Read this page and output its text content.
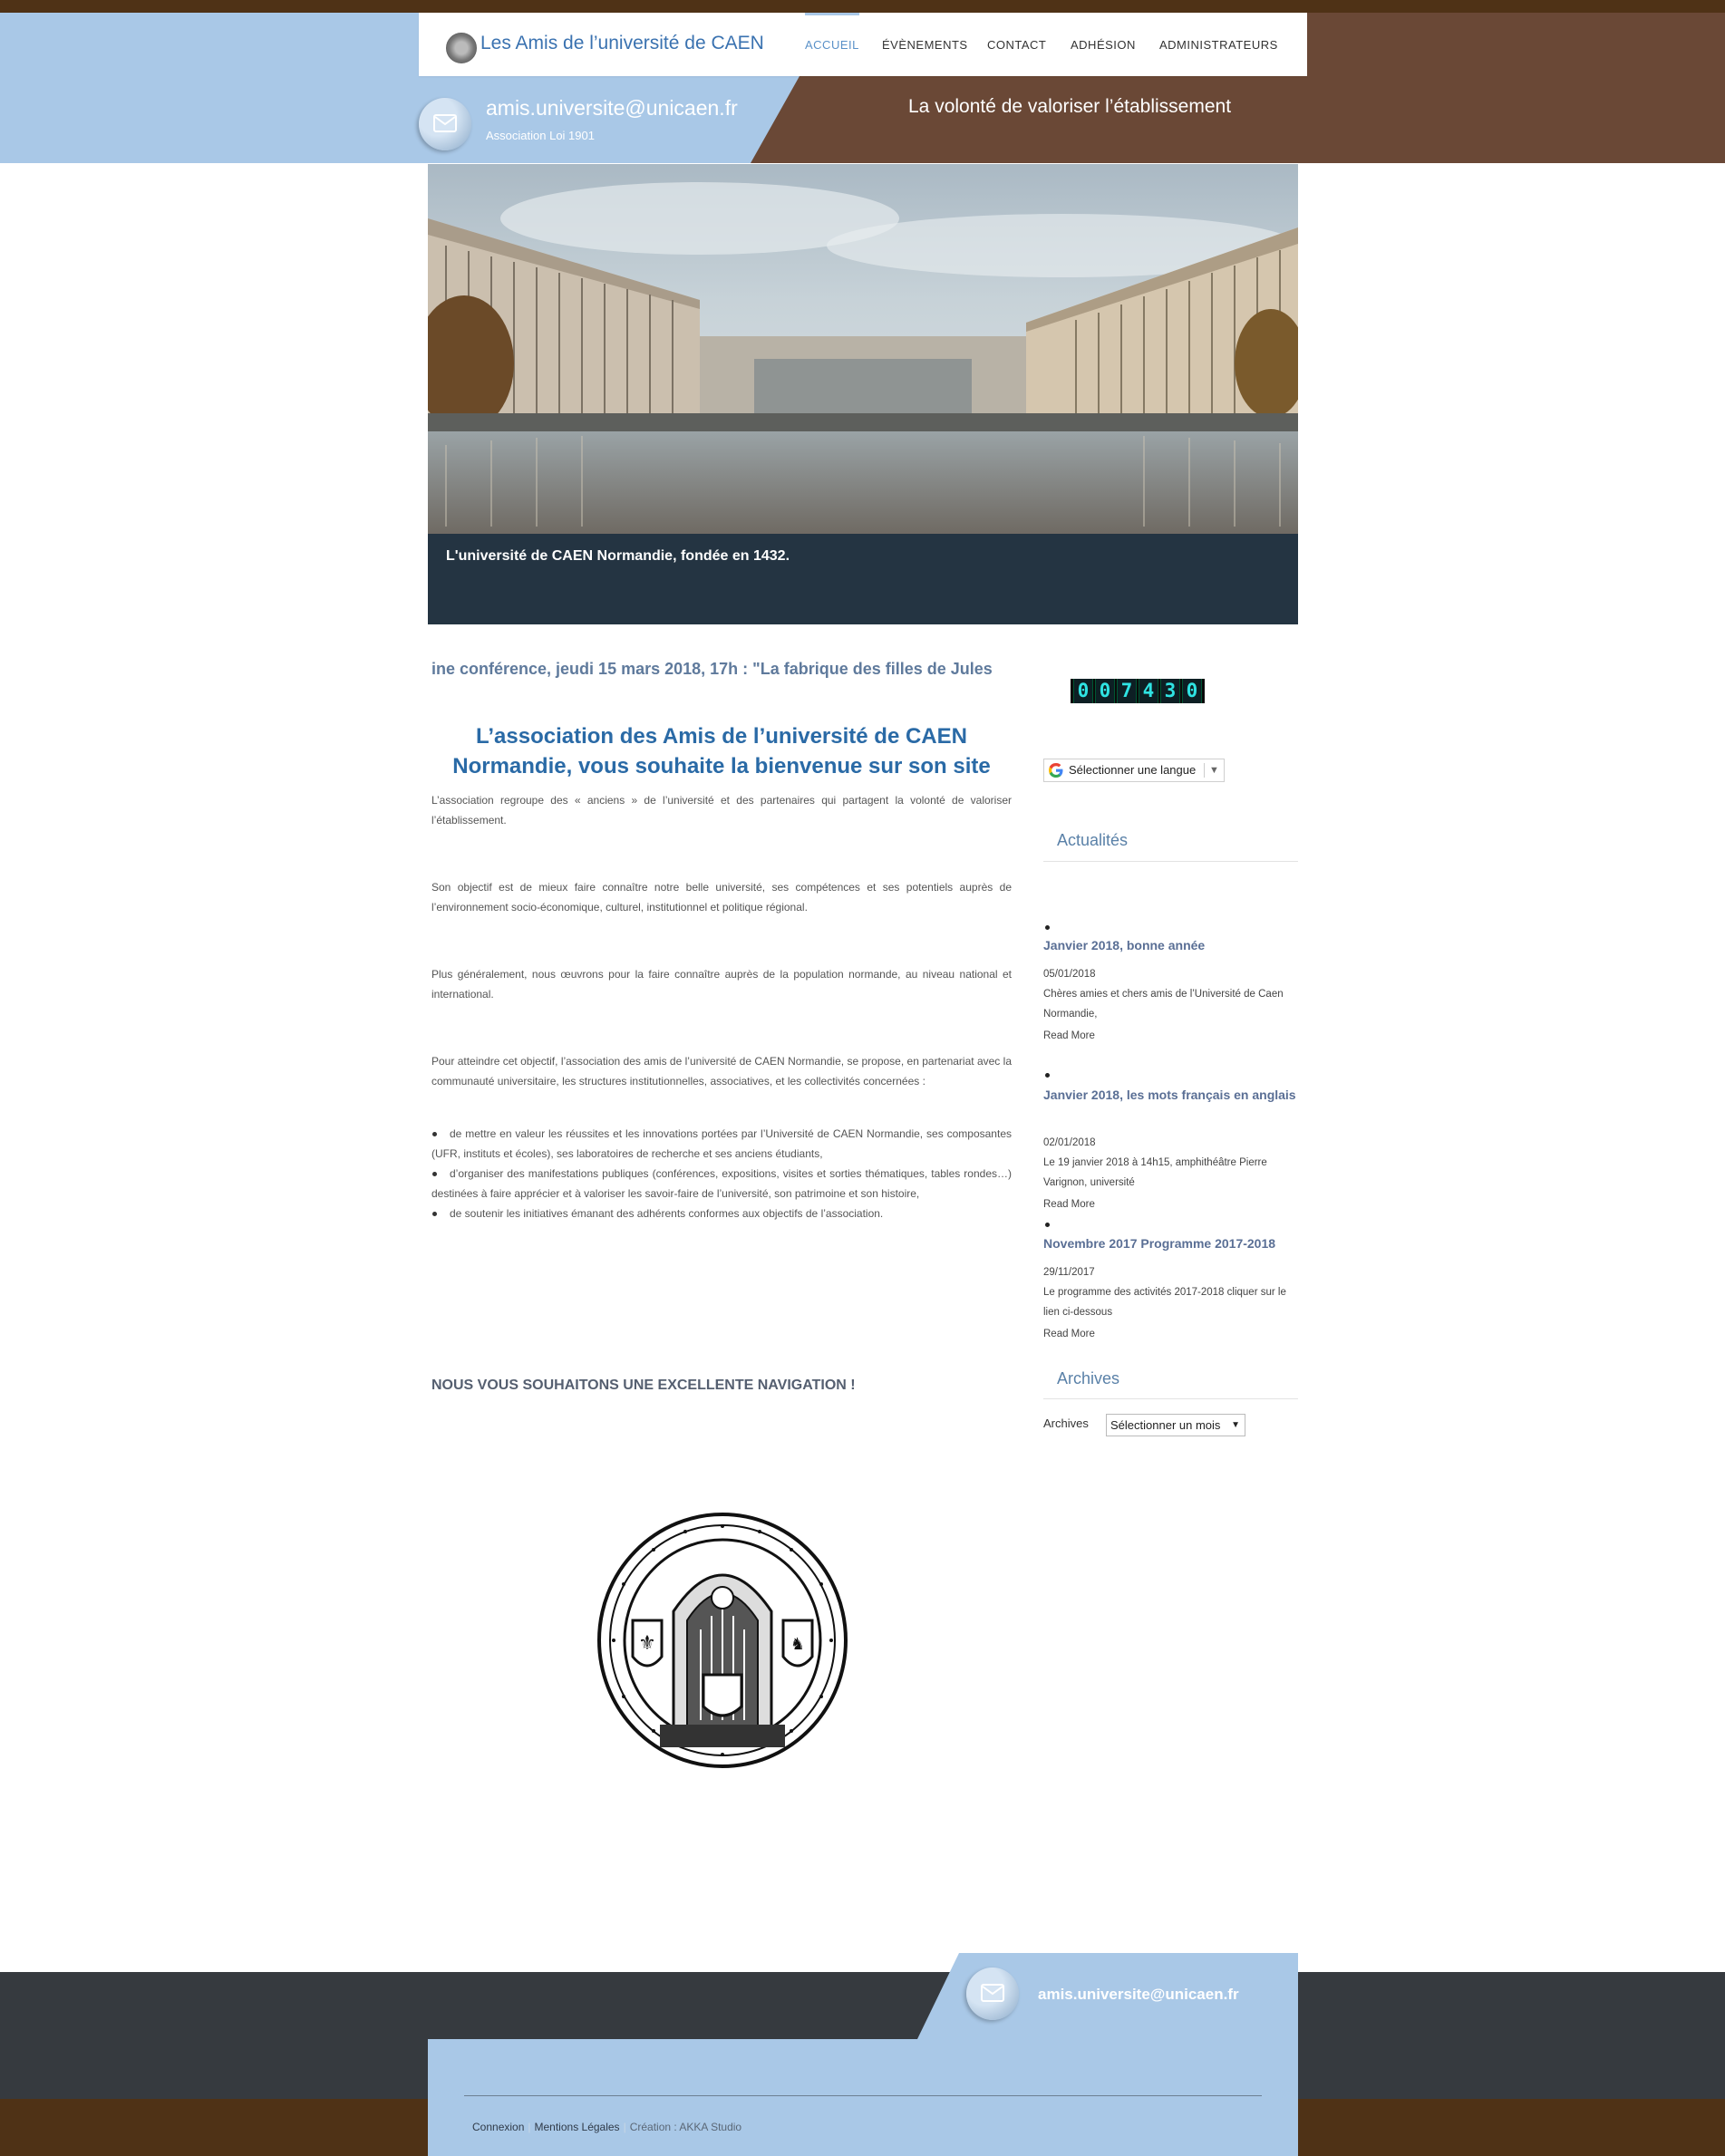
Les Amis de l’université de CAEN	ACCUEIL ÉVÈNEMENTS CONTACT ADHÉSION ADMINISTRATEURS
amis.universite@unicaen.fr
Association Loi 1901
La volonté de valoriser l’établissement
L'université de CAEN Normandie, fondée en 1432.
ine conférence, jeudi 15 mars 2018, 17h : "La fabrique des filles de Jules
L’association des Amis de l’université de CAEN Normandie, vous souhaite la bienvenue sur son site
L’association regroupe des « anciens » de l’université et des partenaires qui partagent la volonté de valoriser l’établissement.
Son objectif est de mieux faire connaître notre belle université, ses compétences et ses potentiels auprès de l’environnement socio-économique, culturel, institutionnel et politique régional.
Plus généralement, nous œuvrons pour la faire connaître auprès de la population normande, au niveau national et international.
Pour atteindre cet objectif, l’association des amis de l’université de CAEN Normandie, se propose, en partenariat avec la communauté universitaire, les structures institutionnelles, associatives, et les collectivités concernées :
de mettre en valeur les réussites et les innovations portées par l’Université de CAEN Normandie, ses composantes (UFR, instituts et écoles), ses laboratoires de recherche et ses anciens étudiants,
d’organiser des manifestations publiques (conférences, expositions, visites et sorties thématiques, tables rondes…) destinées à faire apprécier et à valoriser les savoir-faire de l’université, son patrimoine et son histoire,
de soutenir les initiatives émanant des adhérents conformes aux objectifs de l’association.
NOUS VOUS SOUHAITONS UNE EXCELLENTE NAVIGATION !
⚜	♞
0 0 7 4 3 0
Sélectionner une langue ▼
Actualités
Janvier 2018, bonne année
05/01/2018
Chères amies et chers amis de l’Université de Caen Normandie,
Read More
Janvier 2018, les mots français en anglais
02/01/2018
Le 19 janvier 2018 à 14h15, amphithéâtre Pierre Varignon, université
Read More
Novembre 2017 Programme 2017-2018
29/11/2017
Le programme des activités 2017-2018 cliquer sur le lien ci-dessous
Read More
Archives
Archives	Sélectionner un mois ▼
amis.universite@unicaen.fr
Connexion | Mentions Légales | Création : AKKA Studio
